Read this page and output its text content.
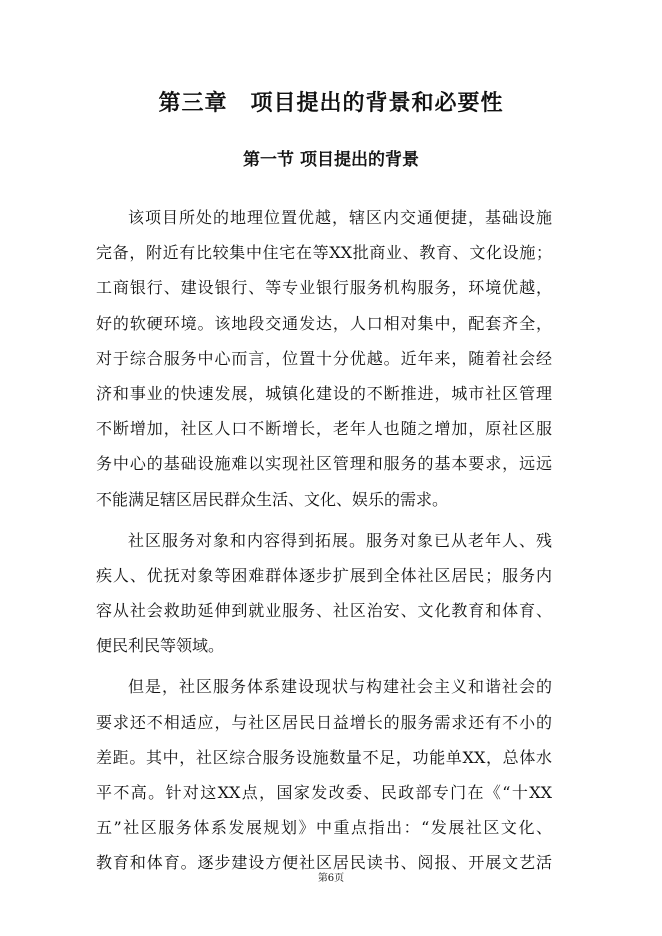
第三章　项目提出的背景和必要性
第一节 项目提出的背景
该项目所处的地理位置优越，辖区内交通便捷，基础设施
完备，附近有比较集中住宅在等XX批商业、教育、文化设施；
工商银行、建设银行、等专业银行服务机构服务，环境优越，
好的软硬环境。该地段交通发达，人口相对集中，配套齐全，
对于综合服务中心而言，位置十分优越。近年来，随着社会经
济和事业的快速发展，城镇化建设的不断推进，城市社区管理
不断增加，社区人口不断增长，老年人也随之增加，原社区服
务中心的基础设施难以实现社区管理和服务的基本要求，远远
不能满足辖区居民群众生活、文化、娱乐的需求。
社区服务对象和内容得到拓展。服务对象已从老年人、残
疾人、优抚对象等困难群体逐步扩展到全体社区居民；服务内
容从社会救助延伸到就业服务、社区治安、文化教育和体育、
便民利民等领域。
但是，社区服务体系建设现状与构建社会主义和谐社会的
要求还不相适应，与社区居民日益增长的服务需求还有不小的
差距。其中，社区综合服务设施数量不足，功能单XX，总体水
平不高。针对这XX点，国家发改委、民政部专门在《“十XX
五”社区服务体系发展规划》中重点指出：“发展社区文化、
教育和体育。逐步建设方便社区居民读书、阅报、开展文艺活
第6页
